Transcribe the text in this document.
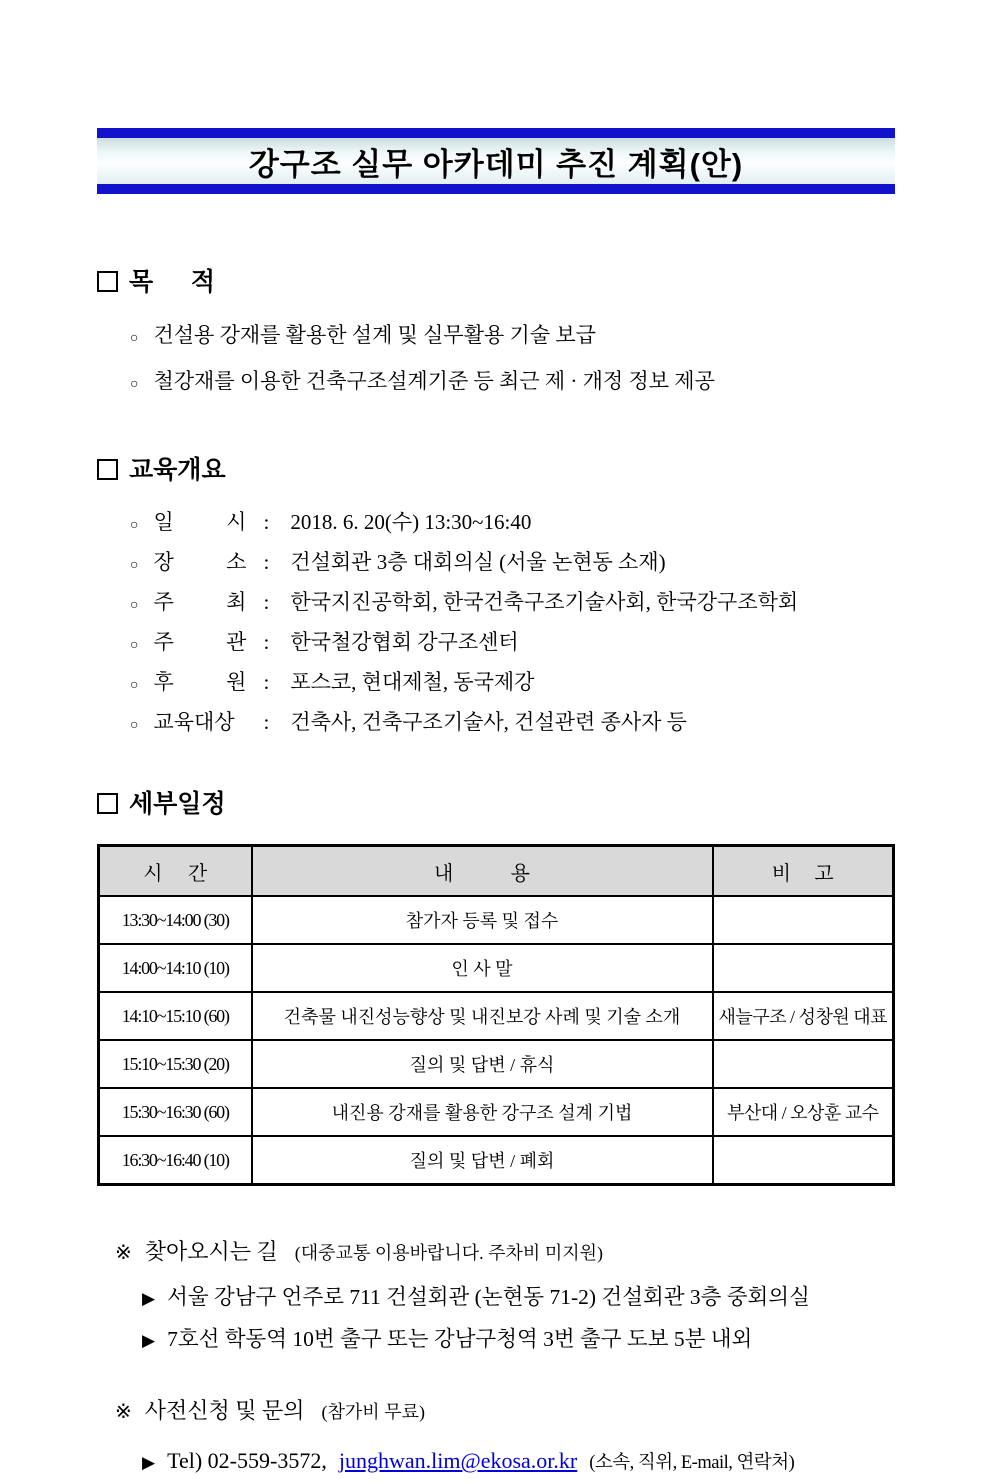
강구조 실무 아카데미 추진 계획(안)
목 적
○ 건설용 강재를 활용한 설계 및 실무활용 기술 보급
○ 철강재를 이용한 건축구조설계기준 등 최근 제 · 개정 정보 제공
교육개요
○ 일 시 : 2018. 6. 20(수) 13:30~16:40
○ 장 소 : 건설회관 3층 대회의실 (서울 논현동 소재)
○ 주 최 : 한국지진공학회, 한국건축구조기술사회, 한국강구조학회
○ 주 관 : 한국철강협회 강구조센터
○ 후 원 : 포스코, 현대제철, 동국제강
○ 교육대상	: 건축사, 건축구조기술사, 건설관련 종사자 등
세부일정
시 간	내 용	비 고
13:30~14:00 (30)	참가자 등록 및 접수	
14:00~14:10 (10)	인 사 말	
14:10~15:10 (60)	건축물 내진성능향상 및 내진보강 사례 및 기술 소개	새늘구조 / 성창원 대표
15:10~15:30 (20)	질의 및 답변 / 휴식	
15:30~16:30 (60)	내진용 강재를 활용한 강구조 설계 기법	부산대 / 오상훈 교수
16:30~16:40 (10)	질의 및 답변 / 폐회	
※ 찾아오시는 길 (대중교통 이용바랍니다. 주차비 미지원)
▶ 서울 강남구 언주로 711 건설회관 (논현동 71-2) 건설회관 3층 중회의실
▶ 7호선 학동역 10번 출구 또는 강남구청역 3번 출구 도보 5분 내외
※ 사전신청 및 문의 (참가비 무료)
▶ Tel) 02-559-3572, junghwan.lim@ekosa.or.kr (소속, 직위, E-mail, 연락처)
